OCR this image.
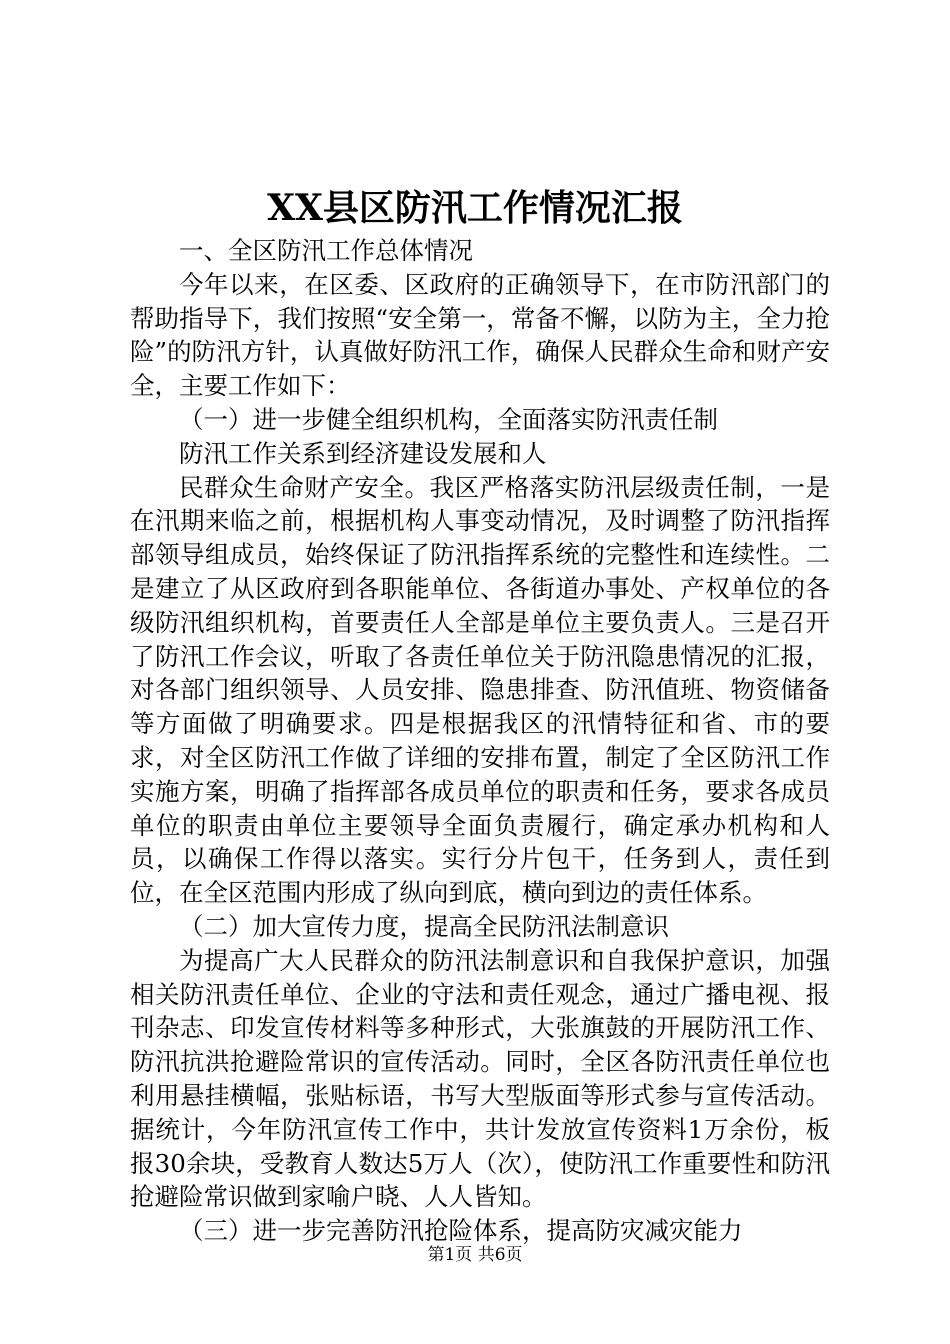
XX县区防汛工作情况汇报

一、全区防汛工作总体情况

今年以来，在区委、区政府的正确领导下，在市防汛部门的帮助指导下，我们按照“安全第一，常备不懈，以防为主，全力抢险”的防汛方针，认真做好防汛工作，确保人民群众生命和财产安全，主要工作如下：

（一）进一步健全组织机构，全面落实防汛责任制

防汛工作关系到经济建设发展和人

民群众生命财产安全。我区严格落实防汛层级责任制，一是在汛期来临之前，根据机构人事变动情况，及时调整了防汛指挥部领导组成员，始终保证了防汛指挥系统的完整性和连续性。二是建立了从区政府到各职能单位、各街道办事处、产权单位的各级防汛组织机构，首要责任人全部是单位主要负责人。三是召开了防汛工作会议，听取了各责任单位关于防汛隐患情况的汇报，对各部门组织领导、人员安排、隐患排查、防汛值班、物资储备等方面做了明确要求。四是根据我区的汛情特征和省、市的要求，对全区防汛工作做了详细的安排布置，制定了全区防汛工作实施方案，明确了指挥部各成员单位的职责和任务，要求各成员单位的职责由单位主要领导全面负责履行，确定承办机构和人员，以确保工作得以落实。实行分片包干，任务到人，责任到位，在全区范围内形成了纵向到底，横向到边的责任体系。

（二）加大宣传力度，提高全民防汛法制意识

为提高广大人民群众的防汛法制意识和自我保护意识，加强相关防汛责任单位、企业的守法和责任观念，通过广播电视、报刊杂志、印发宣传材料等多种形式，大张旗鼓的开展防汛工作、防汛抗洪抢避险常识的宣传活动。同时，全区各防汛责任单位也利用悬挂横幅，张贴标语，书写大型版面等形式参与宣传活动。据统计，今年防汛宣传工作中，共计发放宣传资料1万余份，板报30余块，受教育人数达5万人（次），使防汛工作重要性和防汛抢避险常识做到家喻户晓、人人皆知。

（三）进一步完善防汛抢险体系，提高防灾减灾能力

第1页 共6页
